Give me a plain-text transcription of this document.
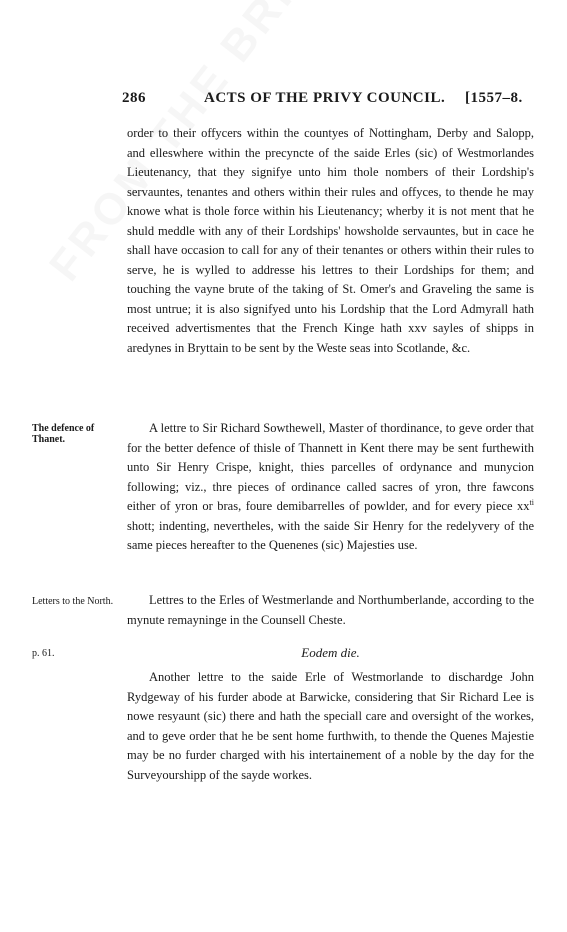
286	ACTS OF THE PRIVY COUNCIL. [1557–8.

order to their offycers within the countyes of Nottingham, Derby and Salopp, and elleswhere within the precyncte of the saide Erles (sic) of Westmorlandes Lieutenancy, that they signifye unto him thole nombers of their Lordship's servauntes, tenantes and others within their rules and offyces, to thende he may knowe what is thole force within his Lieutenancy; wherby it is not ment that he shuld meddle with any of their Lordships' howsholde servauntes, but in cace he shall have occasion to call for any of their tenantes or others within their rules to serve, he is wylled to addresse his lettres to their Lordships for them; and touching the vayne brute of the taking of St. Omer's and Graveling the same is most untrue; it is also signifyed unto his Lordship that the Lord Admyrall hath received advertismentes that the French Kinge hath xxv sayles of shipps in aredynes in Bryttain to be sent by the Weste seas into Scotlande, &c.

The defence of Thanet.

A lettre to Sir Richard Sowthewell, Master of thordinance, to geve order that for the better defence of thisle of Thannett in Kent there may be sent furthewith unto Sir Henry Crispe, knight, thies parcelles of ordynance and munycion following; viz., thre pieces of ordinance called sacres of yron, thre fawcons either of yron or bras, foure demibarrelles of powlder, and for every piece $xx^{ti}$ shott; indenting, nevertheles, with the saide Sir Henry for the redelyvery of the same pieces hereafter to the Quenenes (sic) Majesties use.

Letters to the North.	Lettres to the Erles of Westmerlande and Northumberlande, according to the mynute remayninge in the Counsell Cheste.

p. 61.	Eodem die.

Another lettre to the saide Erle of Westmorlande to dischardge John Rydgeway of his furder abode at Barwicke, considering that Sir Richard Lee is nowe resyaunt (sic) there and hath the speciall care and oversight of the workes, and to geve order that he be sent home furthwith, to thende the Quenes Majestie may be no furder charged with his intertainement of a noble by the day for the Surveyourshipp of the sayde workes.
